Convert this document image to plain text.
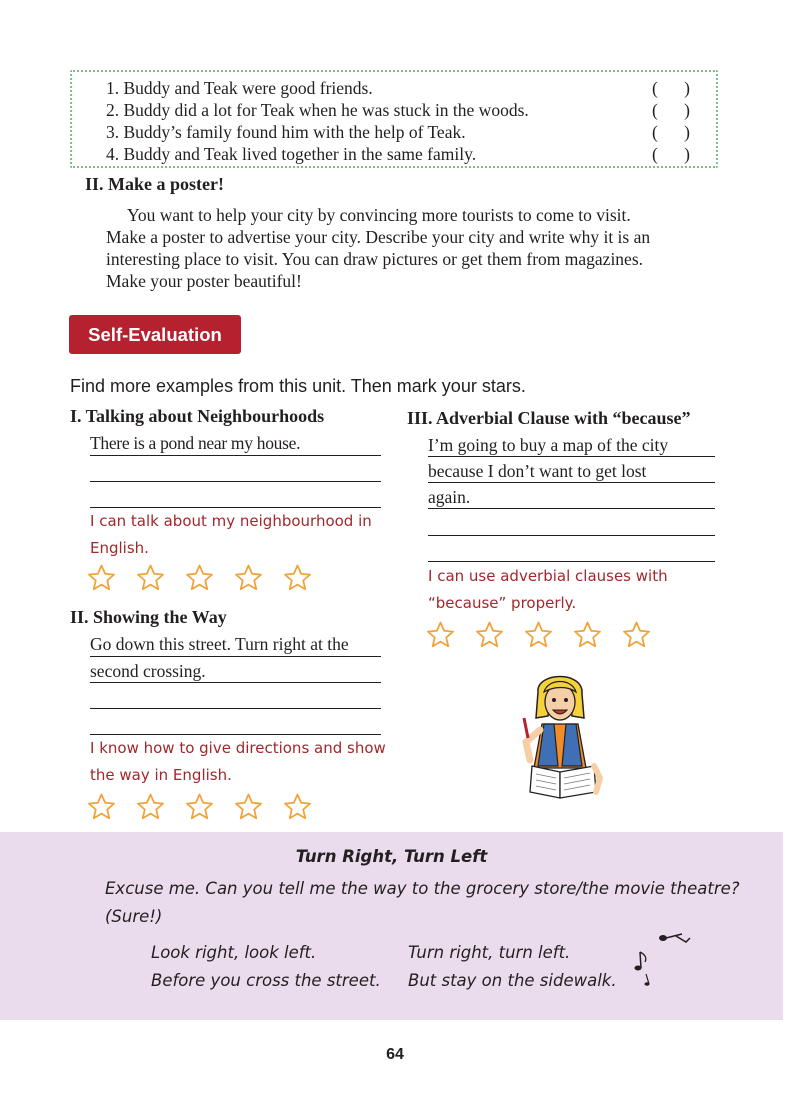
1. Buddy and Teak were good friends.	(      )
2. Buddy did a lot for Teak when he was stuck in the woods.	(      )
3. Buddy’s family found him with the help of Teak.	(      )
4. Buddy and Teak lived together in the same family.	(      )
II. Make a poster!
You want to help your city by convincing more tourists to come to visit.
Make a poster to advertise your city. Describe your city and write why it is an
interesting place to visit. You can draw pictures or get them from magazines.
Make your poster beautiful!
Self-Evaluation
Find more examples from this unit. Then mark your stars.
I. Talking about Neighbourhoods
There is a pond near my house.
I can talk about my neighbourhood in
English.
II. Showing the Way
Go down this street. Turn right at the
second crossing.
I know how to give directions and show
the way in English.
III. Adverbial Clause with “because”
I’m going to buy a map of the city
because I don’t want to get lost
again.
I can use adverbial clauses with
“because” properly.
Turn Right, Turn Left
Excuse me. Can you tell me the way to the grocery store/the movie theatre?
(Sure!)
Look right, look left.
Before you cross the street.
Turn right, turn left.
But stay on the sidewalk.
64
